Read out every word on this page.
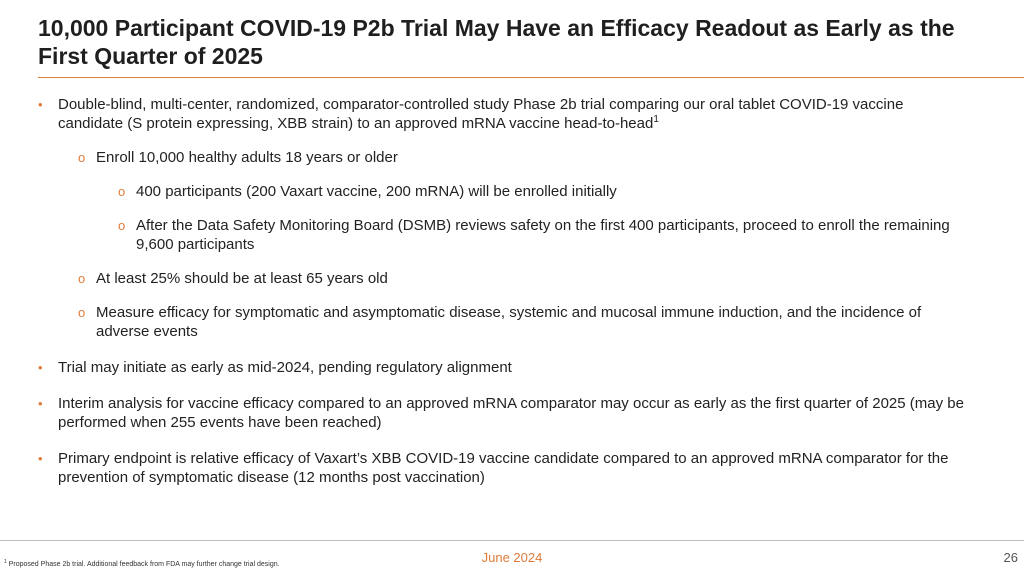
10,000 Participant COVID-19 P2b Trial May Have an Efficacy Readout as Early as the First Quarter of 2025
• Double-blind, multi-center, randomized, comparator-controlled study Phase 2b trial comparing our oral tablet COVID-19 vaccine candidate (S protein expressing, XBB strain) to an approved mRNA vaccine head-to-head$^1$
o Enroll 10,000 healthy adults 18 years or older
o 400 participants (200 Vaxart vaccine, 200 mRNA) will be enrolled initially
o After the Data Safety Monitoring Board (DSMB) reviews safety on the first 400 participants, proceed to enroll the remaining 9,600 participants
o At least 25% should be at least 65 years old
o Measure efficacy for symptomatic and asymptomatic disease, systemic and mucosal immune induction, and the incidence of adverse events
• Trial may initiate as early as mid-2024, pending regulatory alignment
• Interim analysis for vaccine efficacy compared to an approved mRNA comparator may occur as early as the first quarter of 2025 (may be performed when 255 events have been reached)
• Primary endpoint is relative efficacy of Vaxart’s XBB COVID-19 vaccine candidate compared to an approved mRNA comparator for the prevention of symptomatic disease (12 months post vaccination)
$^1$ Proposed Phase 2b trial. Additional feedback from FDA may further change trial design.	June 2024	26
